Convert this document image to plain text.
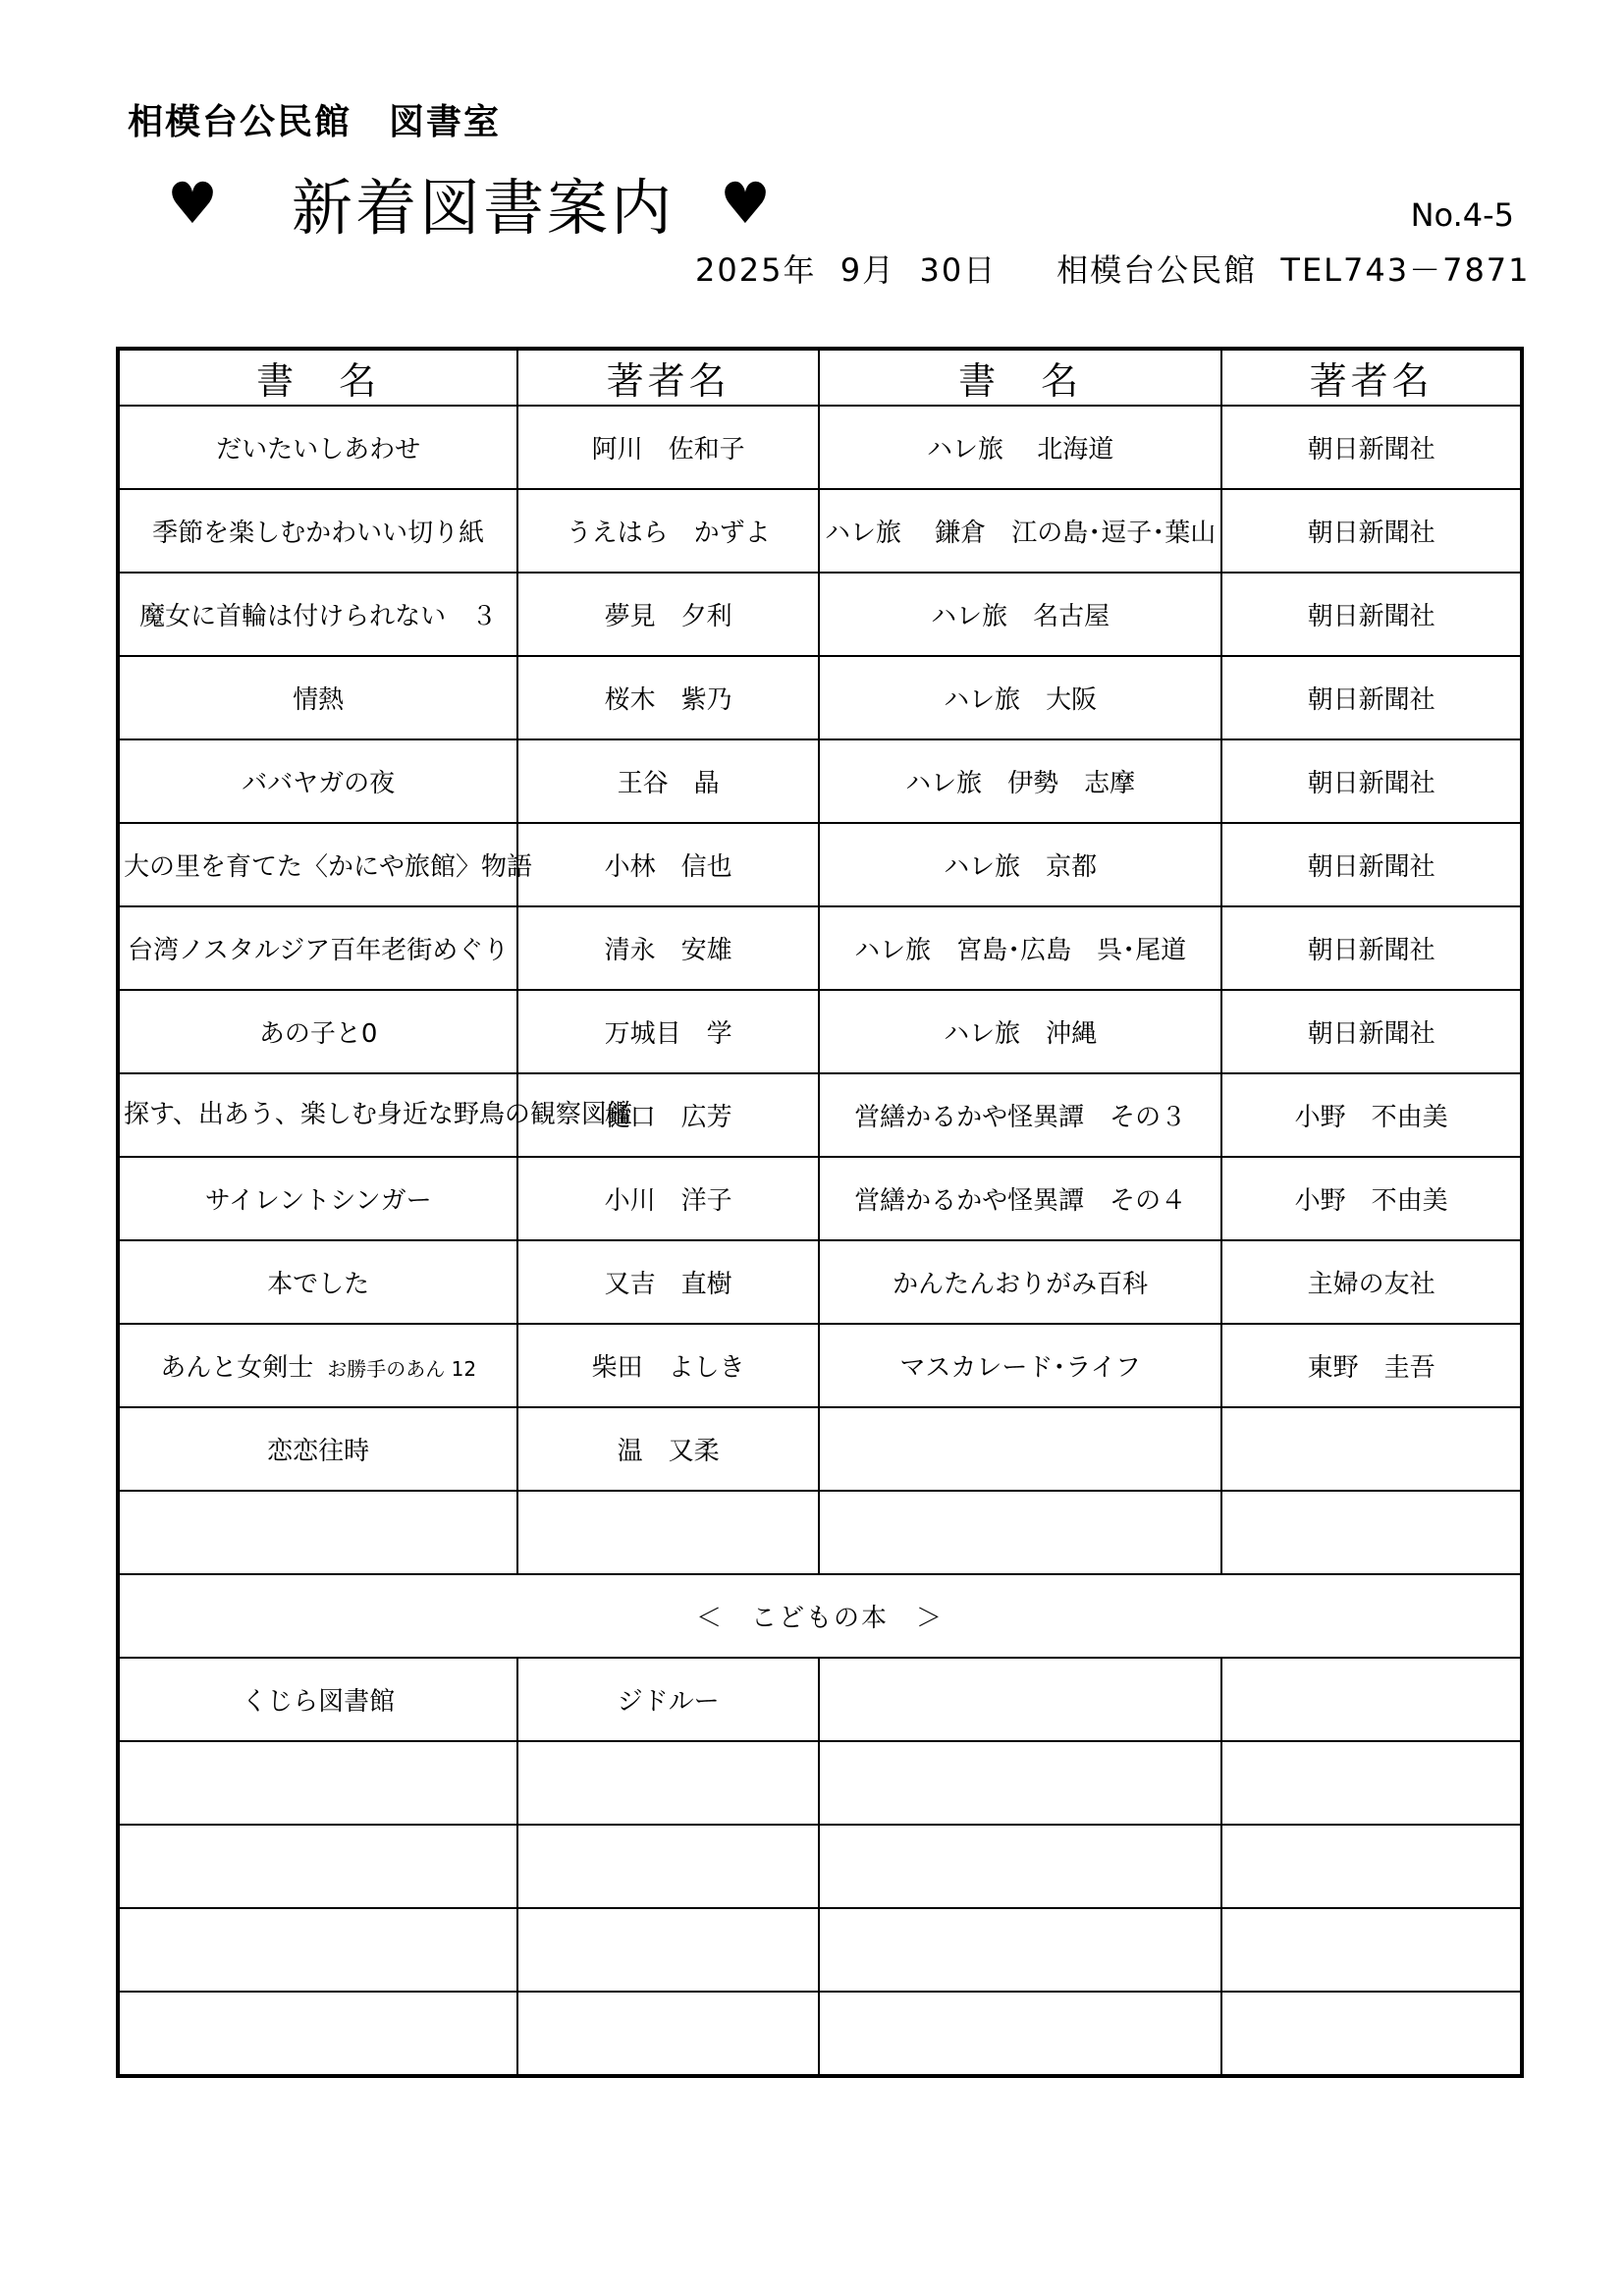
相模台公民館　図書室
♥ 新着図書案内 ♥	No.4-5
2025年  9月  30日     相模台公民館  TEL743－7871
書　名	著者名	書　名	著者名
だいたいしあわせ	阿川　佐和子	ハレ旅　 北海道	朝日新聞社
季節を楽しむかわいい切り紙	うえはら　かずよ	ハレ旅　 鎌倉　江の島･逗子･葉山	朝日新聞社
魔女に首輪は付けられない　３	夢見　夕利	ハレ旅　名古屋	朝日新聞社
情熱	桜木　紫乃	ハレ旅　大阪	朝日新聞社
ババヤガの夜	王谷　晶	ハレ旅　伊勢　志摩	朝日新聞社
大の里を育てた〈かにや旅館〉物語	小林　信也	ハレ旅　京都	朝日新聞社
台湾ノスタルジア百年老街めぐり	清永　安雄	ハレ旅　宮島･広島　呉･尾道	朝日新聞社
あの子と0	万城目　学	ハレ旅　沖縄	朝日新聞社
探す、出あう、楽しむ身近な野鳥の観察図鑑	樋口　広芳	営繕かるかや怪異譚　その３	小野　不由美
サイレントシンガー	小川　洋子	営繕かるかや怪異譚　その４	小野　不由美
本でした	又吉　直樹	かんたんおりがみ百科	主婦の友社
あんと女剣士 お勝手のあん 12	柴田　よしき	マスカレード･ライフ	東野　圭吾
恋恋往時	温　又柔		

＜　こどもの本　＞			
くじら図書館	ジドルー		
